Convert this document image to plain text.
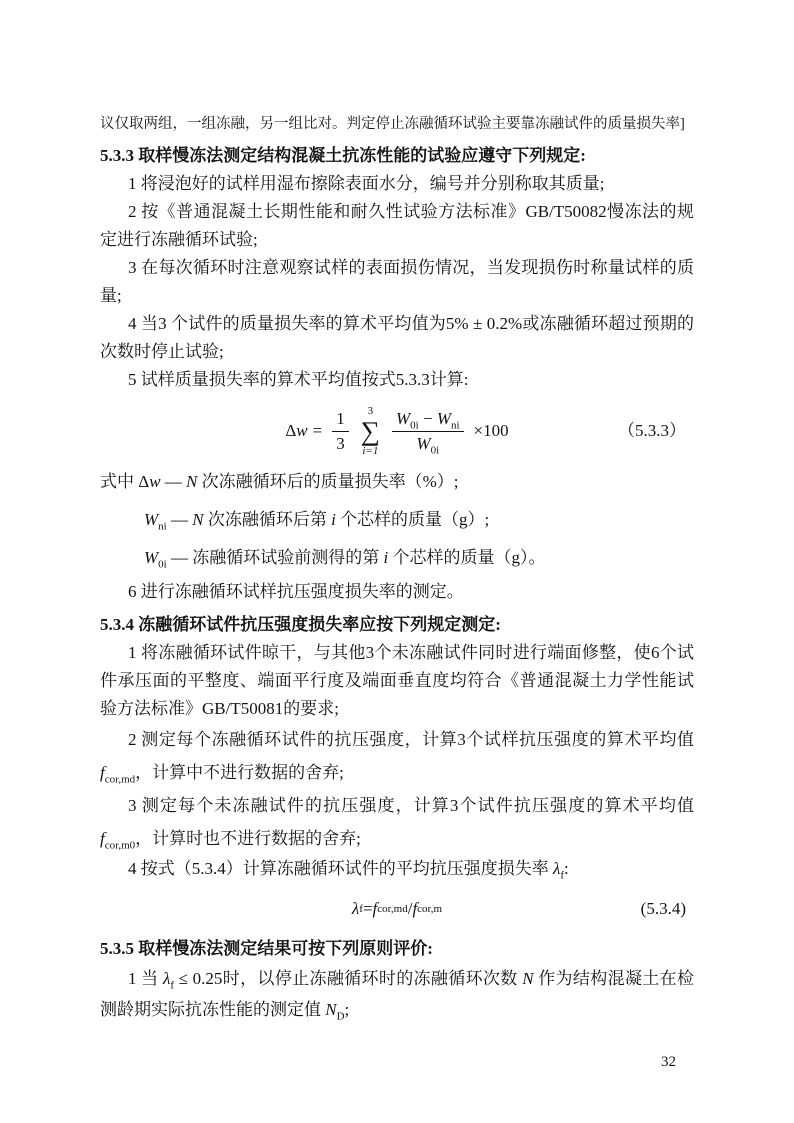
议仅取两组，一组冻融，另一组比对。判定停止冻融循环试验主要靠冻融试件的质量损失率]

5.3.3 取样慢冻法测定结构混凝土抗冻性能的试验应遵守下列规定:

1 将浸泡好的试样用湿布擦除表面水分，编号并分别称取其质量;

2 按《普通混凝土长期性能和耐久性试验方法标准》GB/T50082慢冻法的规定进行冻融循环试验;

3 在每次循环时注意观察试样的表面损伤情况，当发现损伤时称量试样的质量;

4 当3 个试件的质量损失率的算术平均值为5% ± 0.2%或冻融循环超过预期的次数时停止试验;

5 试样质量损失率的算术平均值按式5.3.3计算:

Δ $w = \frac{1}{3} 3$
∑
$i=1 \frac{W_{0i} - W_{ni}}{W_{0i}} \times 100$	（5.3.3）

式中 Δw — N 次冻融循环后的质量损失率（%）;

$W_{ni}$ — N 次冻融循环后第 i 个芯样的质量（g）;

$W_{0i}$ — 冻融循环试验前测得的第 i 个芯样的质量（g）。

6 进行冻融循环试样抗压强度损失率的测定。

5.3.4 冻融循环试件抗压强度损失率应按下列规定测定:

1 将冻融循环试件晾干，与其他3个未冻融试件同时进行端面修整，使6个试件承压面的平整度、端面平行度及端面垂直度均符合《普通混凝土力学性能试验方法标准》GB/T50081的要求;

2 测定每个冻融循环试件的抗压强度，计算3个试样抗压强度的算术平均值$f_{cor,md}$，计算中不进行数据的舍弃;

3 测定每个未冻融试件的抗压强度，计算3个试件抗压强度的算术平均值$f_{cor,m0}$，计算时也不进行数据的舍弃;

4 按式（5.3.4）计算冻融循环试件的平均抗压强度损失率 $\lambda_f$:

λ f = f cor,md / f cor,m	(5.3.4)

5.3.5 取样慢冻法测定结果可按下列原则评价:

1 当 $\lambda_f \le 0.25$时，以停止冻融循环时的冻融循环次数 N 作为结构混凝土在检测龄期实际抗冻性能的测定值 $N_D$;

32
